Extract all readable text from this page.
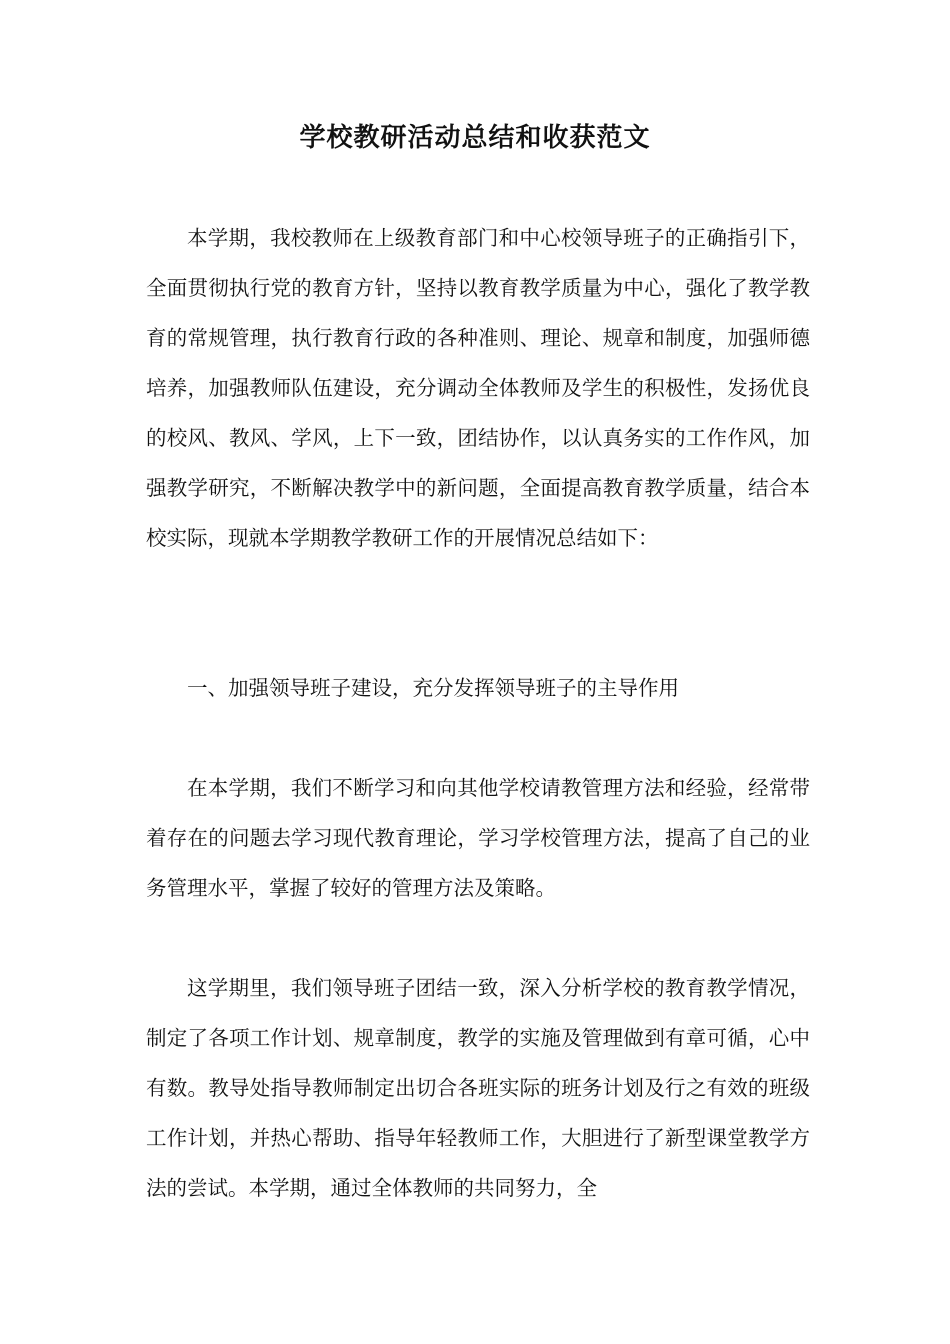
学校教研活动总结和收获范文

本学期，我校教师在上级教育部门和中心校领导班子的正确指引下，全面贯彻执行党的教育方针，坚持以教育教学质量为中心，强化了教学教育的常规管理，执行教育行政的各种准则、理论、规章和制度，加强师德培养，加强教师队伍建设，充分调动全体教师及学生的积极性，发扬优良的校风、教风、学风，上下一致，团结协作，以认真务实的工作作风，加强教学研究，不断解决教学中的新问题，全面提高教育教学质量，结合本校实际，现就本学期教学教研工作的开展情况总结如下：

一、加强领导班子建设，充分发挥领导班子的主导作用

在本学期，我们不断学习和向其他学校请教管理方法和经验，经常带着存在的问题去学习现代教育理论，学习学校管理方法，提高了自己的业务管理水平，掌握了较好的管理方法及策略。

这学期里，我们领导班子团结一致，深入分析学校的教育教学情况，制定了各项工作计划、规章制度，教学的实施及管理做到有章可循，心中有数。教导处指导教师制定出切合各班实际的班务计划及行之有效的班级工作计划，并热心帮助、指导年轻教师工作，大胆进行了新型课堂教学方法的尝试。本学期，通过全体教师的共同努力，全
